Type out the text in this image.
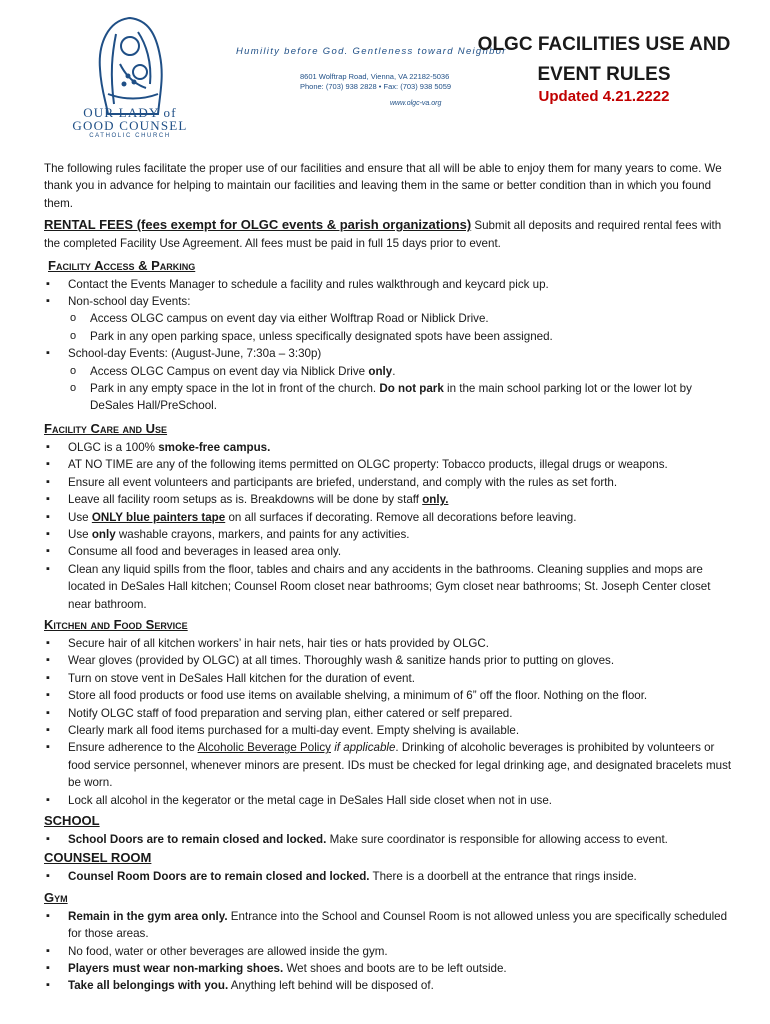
OUR LADY of
GOOD COUNSEL
CATHOLIC CHURCH
Humility before God. Gentleness toward Neighbor
8601 Wolftrap Road, Vienna, VA 22182-5036
Phone: (703) 938 2828 • Fax: (703) 938 5059
www.olgc-va.org
OLGC FACILITIES USE AND
EVENT RULES
Updated 4.21.2222

The following rules facilitate the proper use of our facilities and ensure that all will be able to enjoy them for many years to come. We thank you in advance for helping to maintain our facilities and leaving them in the same or better condition than in which you found them.

RENTAL FEES (fees exempt for OLGC events & parish organizations) Submit all deposits and required rental fees with the completed Facility Use Agreement. All fees must be paid in full 15 days prior to event.

Facility Access & Parking
▪ Contact the Events Manager to schedule a facility and rules walkthrough and keycard pick up.
▪ Non-school day Events:
o Access OLGC campus on event day via either Wolftrap Road or Niblick Drive.
o Park in any open parking space, unless specifically designated spots have been assigned.
▪ School-day Events: (August-June, 7:30a – 3:30p)
o Access OLGC Campus on event day via Niblick Drive only.
o Park in any empty space in the lot in front of the church. Do not park in the main school parking lot or the lower lot by DeSales Hall/PreSchool.
Facility Care and Use
▪ OLGC is a 100% smoke-free campus.
▪ AT NO TIME are any of the following items permitted on OLGC property: Tobacco products, illegal drugs or weapons.
▪ Ensure all event volunteers and participants are briefed, understand, and comply with the rules as set forth.
▪ Leave all facility room setups as is. Breakdowns will be done by staff only.
▪ Use ONLY blue painters tape on all surfaces if decorating. Remove all decorations before leaving.
▪ Use only washable crayons, markers, and paints for any activities.
▪ Consume all food and beverages in leased area only.
▪ Clean any liquid spills from the floor, tables and chairs and any accidents in the bathrooms. Cleaning supplies and mops are located in DeSales Hall kitchen; Counsel Room closet near bathrooms; Gym closet near bathrooms; St. Joseph Center closet near bathroom.
Kitchen and Food Service
▪ Secure hair of all kitchen workers’ in hair nets, hair ties or hats provided by OLGC.
▪ Wear gloves (provided by OLGC) at all times. Thoroughly wash & sanitize hands prior to putting on gloves.
▪ Turn on stove vent in DeSales Hall kitchen for the duration of event.
▪ Store all food products or food use items on available shelving, a minimum of 6” off the floor. Nothing on the floor.
▪ Notify OLGC staff of food preparation and serving plan, either catered or self prepared.
▪ Clearly mark all food items purchased for a multi-day event. Empty shelving is available.
▪ Ensure adherence to the Alcoholic Beverage Policy if applicable. Drinking of alcoholic beverages is prohibited by volunteers or food service personnel, whenever minors are present. IDs must be checked for legal drinking age, and designated bracelets must be worn.
▪ Lock all alcohol in the kegerator or the metal cage in DeSales Hall side closet when not in use.
SCHOOL
▪ School Doors are to remain closed and locked. Make sure coordinator is responsible for allowing access to event.
COUNSEL ROOM
▪ Counsel Room Doors are to remain closed and locked. There is a doorbell at the entrance that rings inside.
Gym
▪ Remain in the gym area only. Entrance into the School and Counsel Room is not allowed unless you are specifically scheduled for those areas.
▪ No food, water or other beverages are allowed inside the gym.
▪ Players must wear non-marking shoes. Wet shoes and boots are to be left outside.
▪ Take all belongings with you. Anything left behind will be disposed of.
